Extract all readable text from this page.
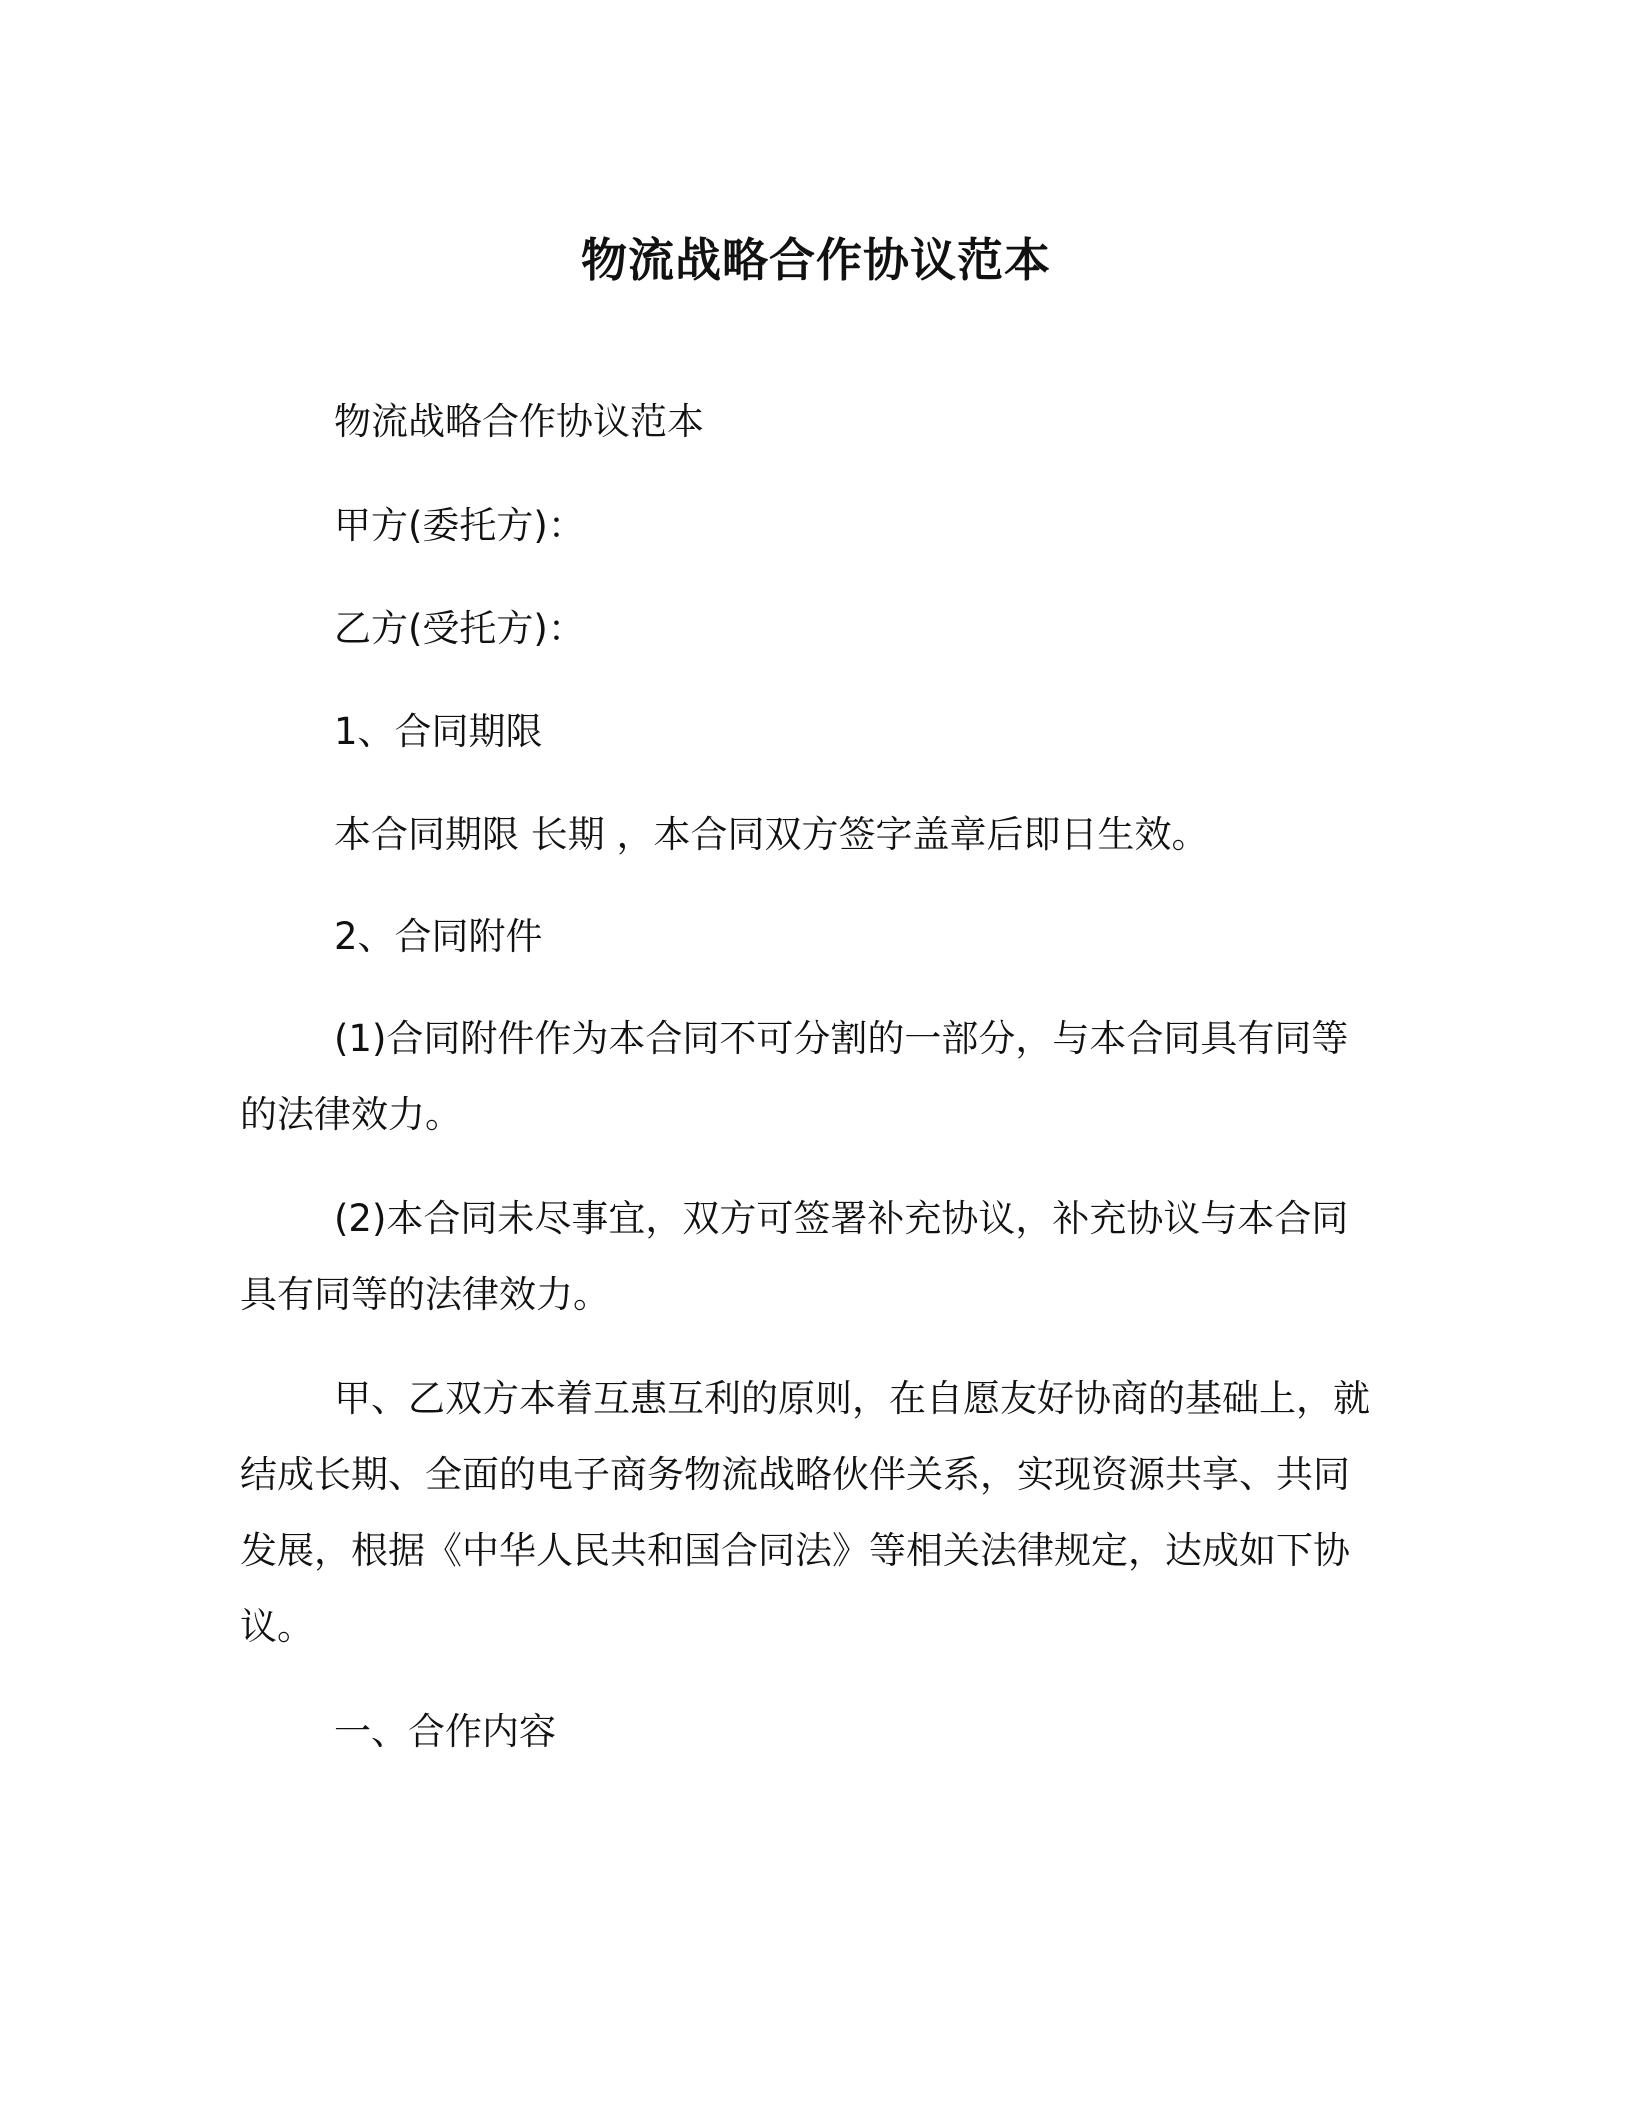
物流战略合作协议范本
物流战略合作协议范本
甲方(委托方)：
乙方(受托方)：
1、合同期限
本合同期限 长期 ，本合同双方签字盖章后即日生效。
2、合同附件
(1)合同附件作为本合同不可分割的一部分，与本合同具有同等
的法律效力。
(2)本合同未尽事宜，双方可签署补充协议，补充协议与本合同
具有同等的法律效力。
甲、乙双方本着互惠互利的原则，在自愿友好协商的基础上，就
结成长期、全面的电子商务物流战略伙伴关系，实现资源共享、共同
发展，根据《中华人民共和国合同法》等相关法律规定，达成如下协
议。
一、合作内容
